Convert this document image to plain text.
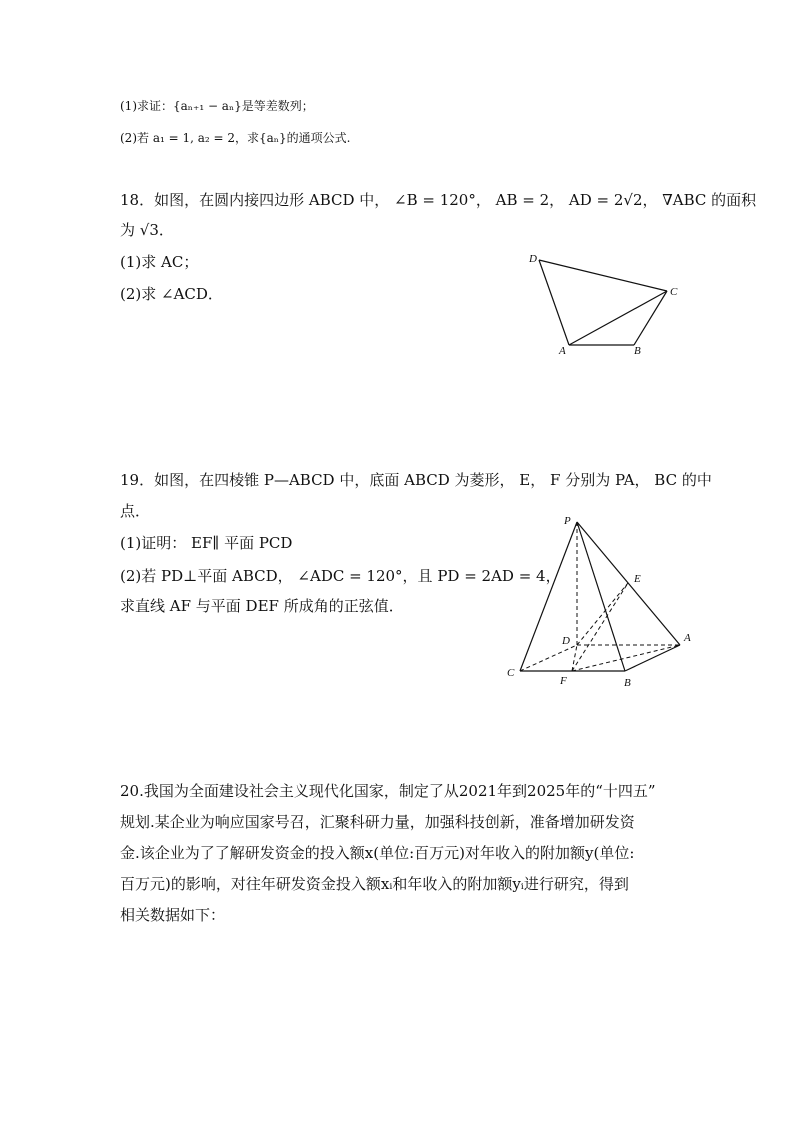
(1)求证：{aₙ₊₁ − aₙ}是等差数列；
(2)若 a₁ = 1, a₂ = 2，求{aₙ}的通项公式.
18．如图，在圆内接四边形 ABCD 中， ∠B = 120°， AB = 2， AD = 2√2， ∇ABC 的面积
为 √3．
(1)求 AC；
(2)求 ∠ACD．
D
C
A	B
19．如图，在四棱锥 P—ABCD 中，底面 ABCD 为菱形， E， F 分别为 PA， BC 的中
点．
(1)证明： EF∥ 平面 PCD
(2)若 PD⊥平面 ABCD， ∠ADC = 120°，且 PD = 2AD = 4，
求直线 AF 与平面 DEF 所成角的正弦值．
P
E
A
D
C
F	B
20.我国为全面建设社会主义现代化国家，制定了从2021年到2025年的“十四五”
规划.某企业为响应国家号召，汇聚科研力量，加强科技创新，准备增加研发资
金.该企业为了了解研发资金的投入额x(单位:百万元)对年收入的附加额y(单位:
百万元)的影响，对往年研发资金投入额xᵢ和年收入的附加额yᵢ进行研究，得到
相关数据如下：
